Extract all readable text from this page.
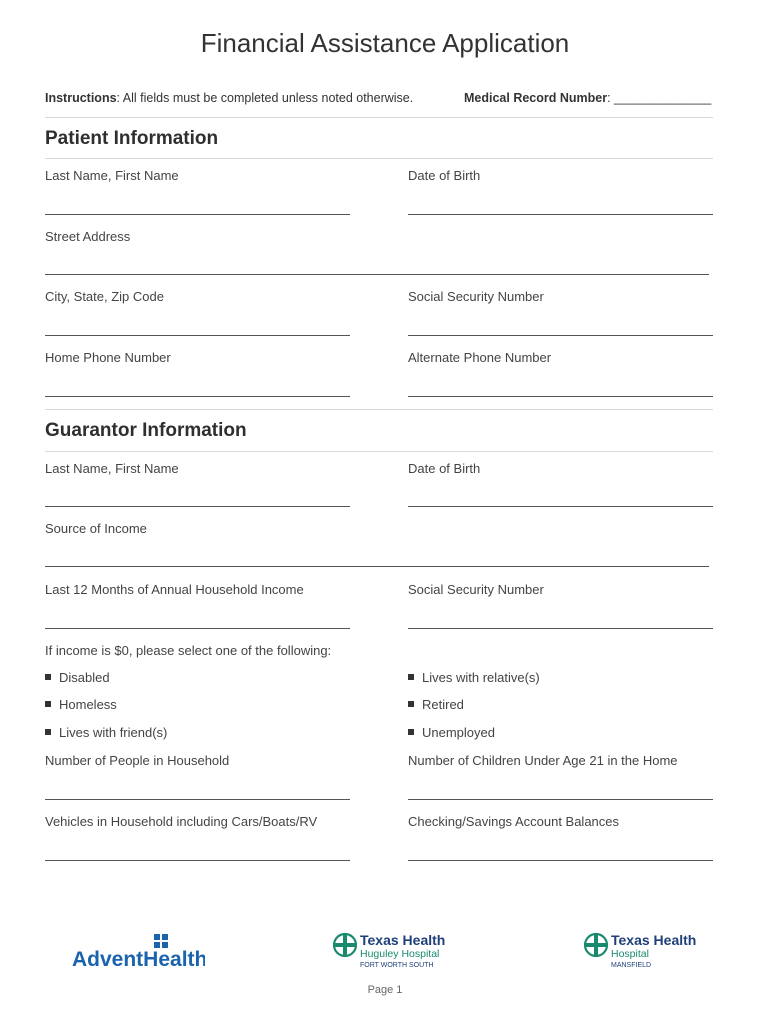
Financial Assistance Application
Instructions: All fields must be completed unless noted otherwise.	Medical Record Number: ______________
Patient Information
Last Name, First Name	Date of Birth
Street Address
City, State, Zip Code	Social Security Number
Home Phone Number	Alternate Phone Number
Guarantor Information
Last Name, First Name	Date of Birth
Source of Income
Last 12 Months of Annual Household Income	Social Security Number
If income is $0, please select one of the following:
Disabled	Lives with relative(s)
Homeless	Retired
Lives with friend(s)	Unemployed
Number of People in Household	Number of Children Under Age 21 in the Home
Vehicles in Household including Cars/Boats/RV	Checking/Savings Account Balances
AdventHealth
Texas Health
Huguley Hospital
FORT WORTH SOUTH
Texas Health
Hospital
MANSFIELD
Page 1
